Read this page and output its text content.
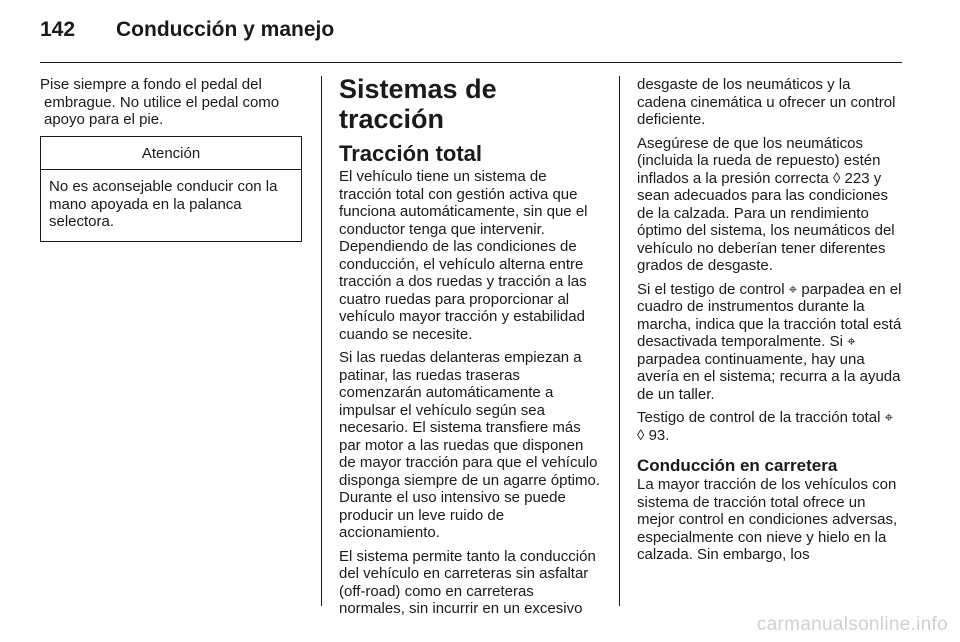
142 Conducción y manejo

Pise siempre a fondo el pedal del embrague. No utilice el pedal como apoyo para el pie.

Atención
No es aconsejable conducir con la mano apoyada en la palanca selectora.
Sistemas de tracción
Tracción total

El vehículo tiene un sistema de tracción total con gestión activa que funciona automáticamente, sin que el conductor tenga que intervenir. Dependiendo de las condiciones de conducción, el vehículo alterna entre tracción a dos ruedas y tracción a las cuatro ruedas para proporcionar al vehículo mayor tracción y estabilidad cuando se necesite.

Si las ruedas delanteras empiezan a patinar, las ruedas traseras comenzarán automáticamente a impulsar el vehículo según sea necesario. El sistema transfiere más par motor a las ruedas que disponen de mayor tracción para que el vehículo disponga siempre de un agarre óptimo. Durante el uso intensivo se puede producir un leve ruido de accionamiento.

El sistema permite tanto la conducción del vehículo en carreteras sin asfaltar (off-road) como en carreteras normales, sin incurrir en un excesivo

desgaste de los neumáticos y la cadena cinemática u ofrecer un control deficiente.

Asegúrese de que los neumáticos (incluida la rueda de repuesto) estén inflados a la presión correcta ◊ 223 y sean adecuados para las condiciones de la calzada. Para un rendimiento óptimo del sistema, los neumáticos del vehículo no deberían tener diferentes grados de desgaste.

Si el testigo de control ⌖ parpadea en el cuadro de instrumentos durante la marcha, indica que la tracción total está desactivada temporalmente. Si ⌖ parpadea continuamente, hay una avería en el sistema; recurra a la ayuda de un taller.

Testigo de control de la tracción total ⌖ ◊ 93.

Conducción en carretera

La mayor tracción de los vehículos con sistema de tracción total ofrece un mejor control en condiciones adversas, especialmente con nieve y hielo en la calzada. Sin embargo, los

carmanualsonline.info
